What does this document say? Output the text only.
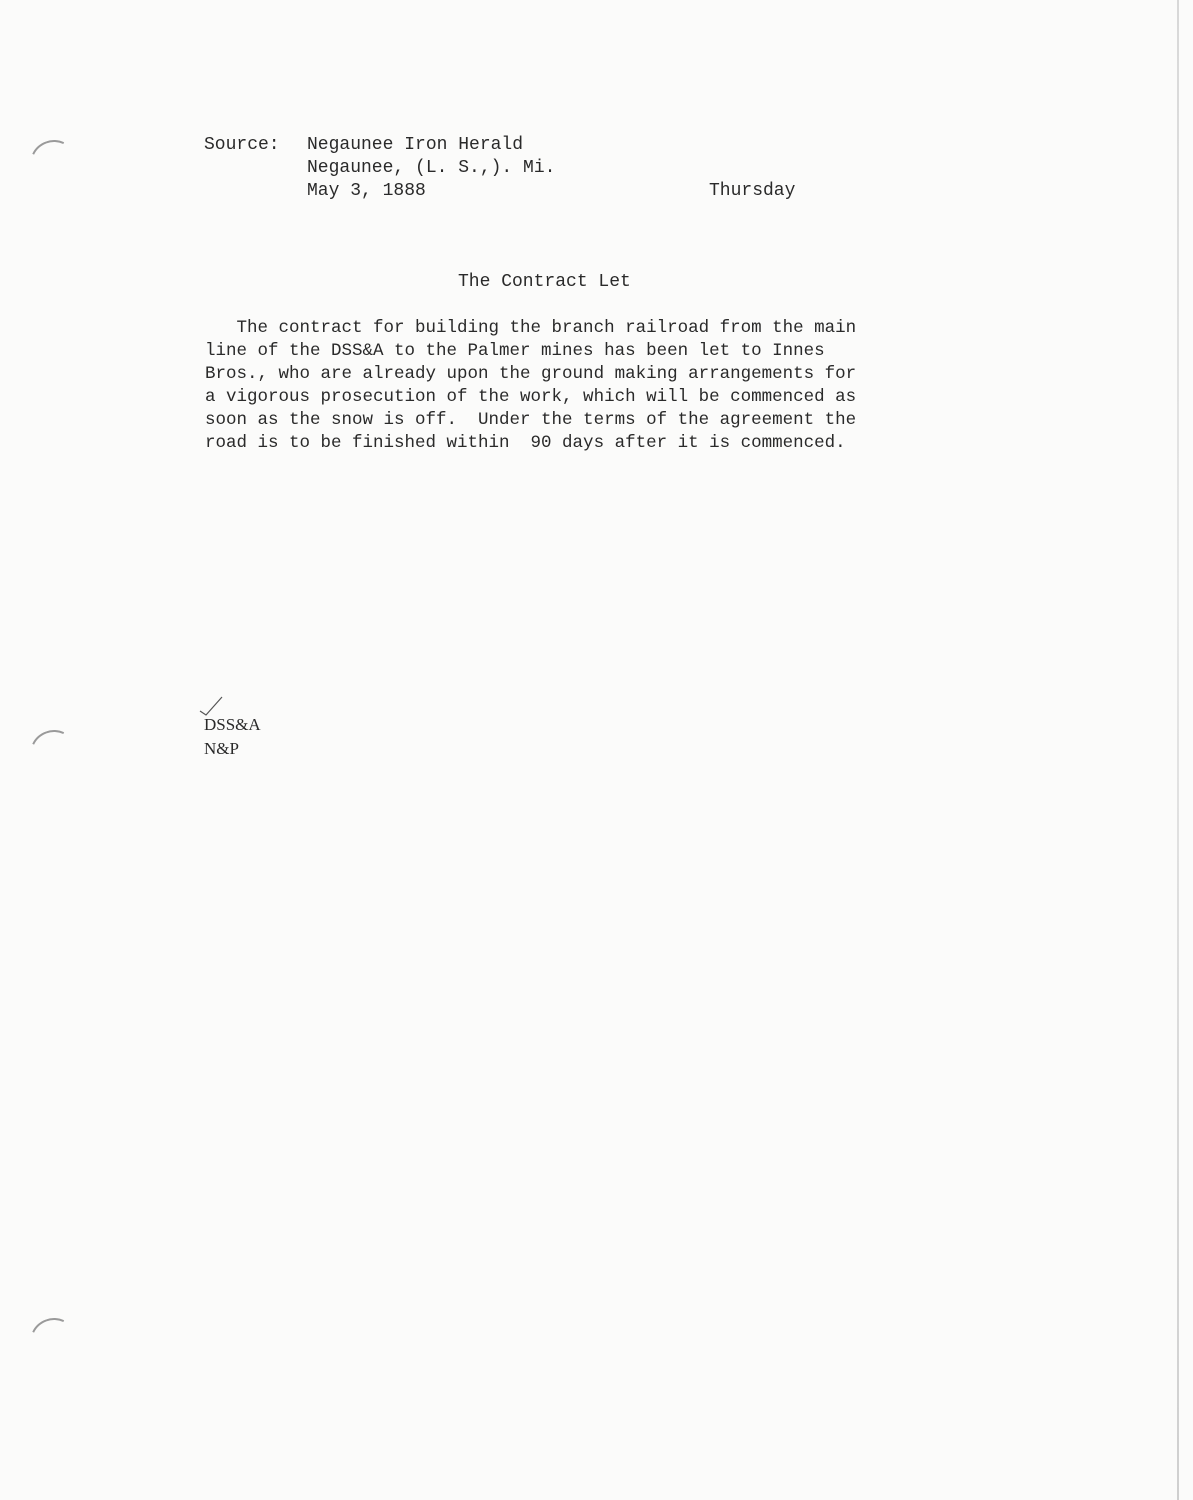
Source:	Negaunee Iron Herald
Negaunee, (L. S.,). Mi.
May 3, 1888	Thursday
The Contract Let
The contract for building the branch railroad from the main
line of the DSS&A to the Palmer mines has been let to Innes
Bros., who are already upon the ground making arrangements for
a vigorous prosecution of the work, which will be commenced as
soon as the snow is off.  Under the terms of the agreement the
road is to be finished within  90 days after it is commenced.
DSS&A
N&P
